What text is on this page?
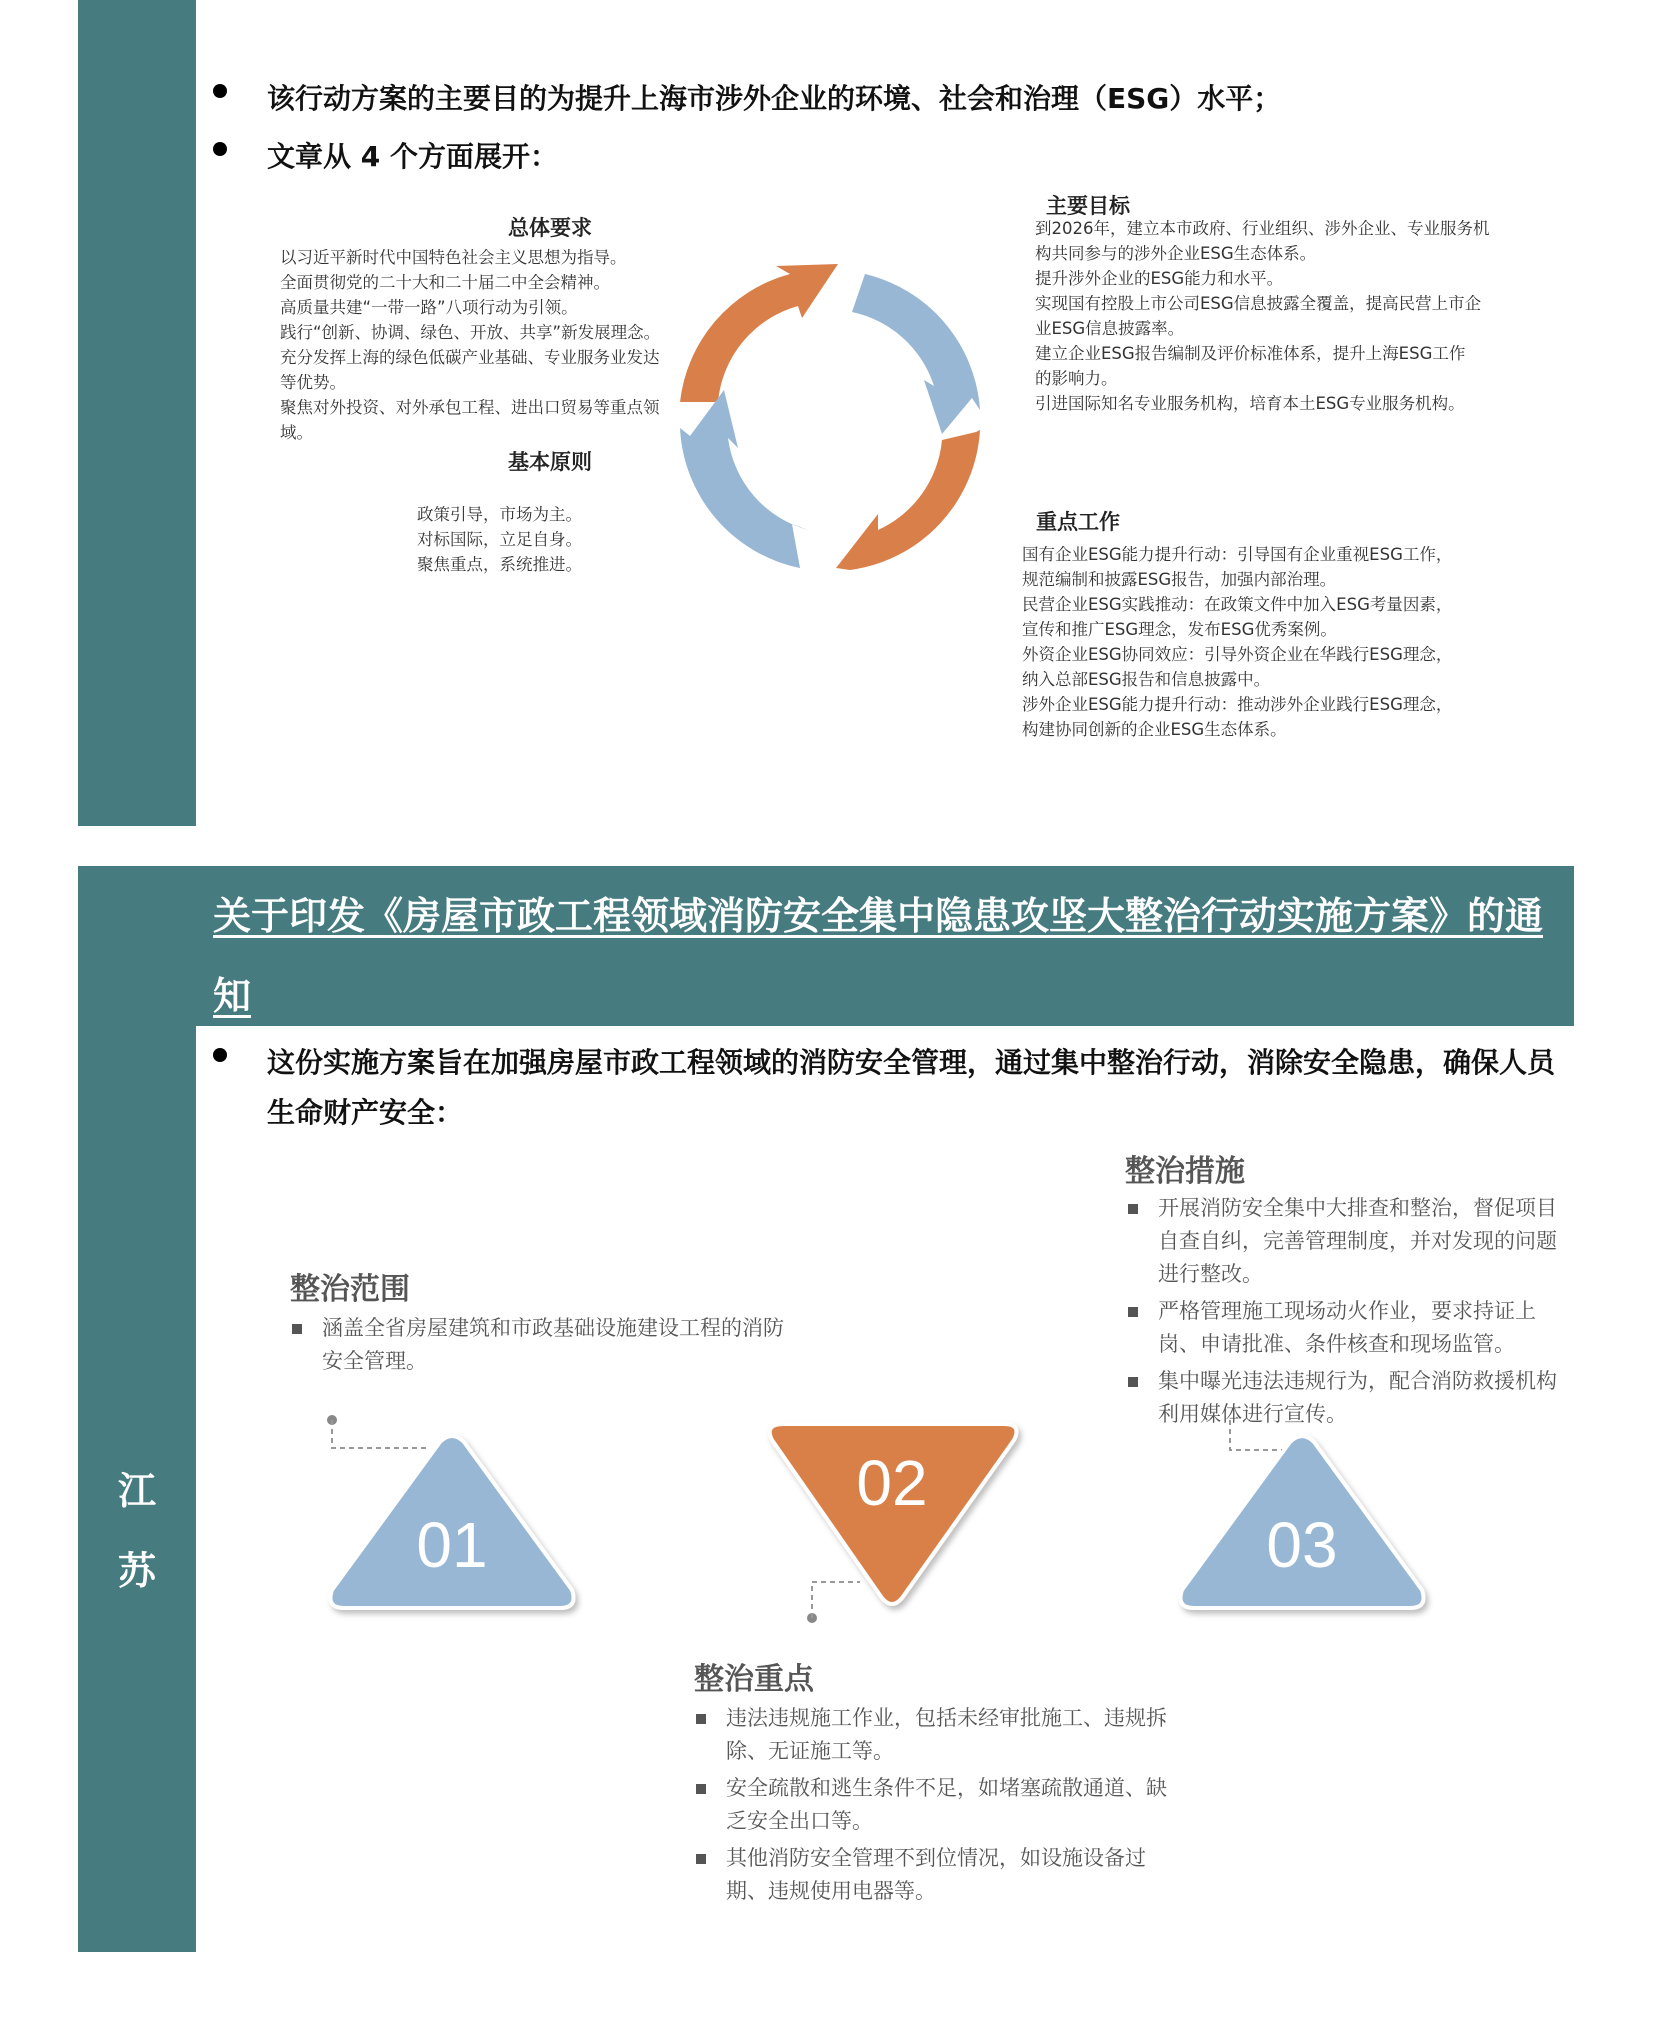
该行动方案的主要目的为提升上海市涉外企业的环境、社会和治理（ESG）水平；
文章从 4 个方面展开：
总体要求
以习近平新时代中国特色社会主义思想为指导。
全面贯彻党的二十大和二十届二中全会精神。
高质量共建“一带一路”八项行动为引领。
践行“创新、协调、绿色、开放、共享”新发展理念。
充分发挥上海的绿色低碳产业基础、专业服务业发达
等优势。
聚焦对外投资、对外承包工程、进出口贸易等重点领
域。
基本原则
政策引导，市场为主。
对标国际，立足自身。
聚焦重点，系统推进。
主要目标
到2026年，建立本市政府、行业组织、涉外企业、专业服务机
构共同参与的涉外企业ESG生态体系。
提升涉外企业的ESG能力和水平。
实现国有控股上市公司ESG信息披露全覆盖，提高民营上市企
业ESG信息披露率。
建立企业ESG报告编制及评价标准体系，提升上海ESG工作
的影响力。
引进国际知名专业服务机构，培育本土ESG专业服务机构。
重点工作
国有企业ESG能力提升行动：引导国有企业重视ESG工作，
规范编制和披露ESG报告，加强内部治理。
民营企业ESG实践推动：在政策文件中加入ESG考量因素，
宣传和推广ESG理念，发布ESG优秀案例。
外资企业ESG协同效应：引导外资企业在华践行ESG理念，
纳入总部ESG报告和信息披露中。
涉外企业ESG能力提升行动：推动涉外企业践行ESG理念，
构建协同创新的企业ESG生态体系。
关于印发《房屋市政工程领域消防安全集中隐患攻坚大整治行动实施方案》的通知
江
苏
这份实施方案旨在加强房屋市政工程领域的消防安全管理，通过集中整治行动，消除安全隐患，确保人员生命财产安全：
整治范围
涵盖全省房屋建筑和市政基础设施建设工程的消防安全管理。
整治措施
开展消防安全集中大排查和整治，督促项目自查自纠，完善管理制度，并对发现的问题进行整改。
严格管理施工现场动火作业，要求持证上岗、申请批准、条件核查和现场监管。
集中曝光违法违规行为，配合消防救援机构利用媒体进行宣传。
整治重点
违法违规施工作业，包括未经审批施工、违规拆除、无证施工等。
安全疏散和逃生条件不足，如堵塞疏散通道、缺乏安全出口等。
其他消防安全管理不到位情况，如设施设备过期、违规使用电器等。
01
02
03
